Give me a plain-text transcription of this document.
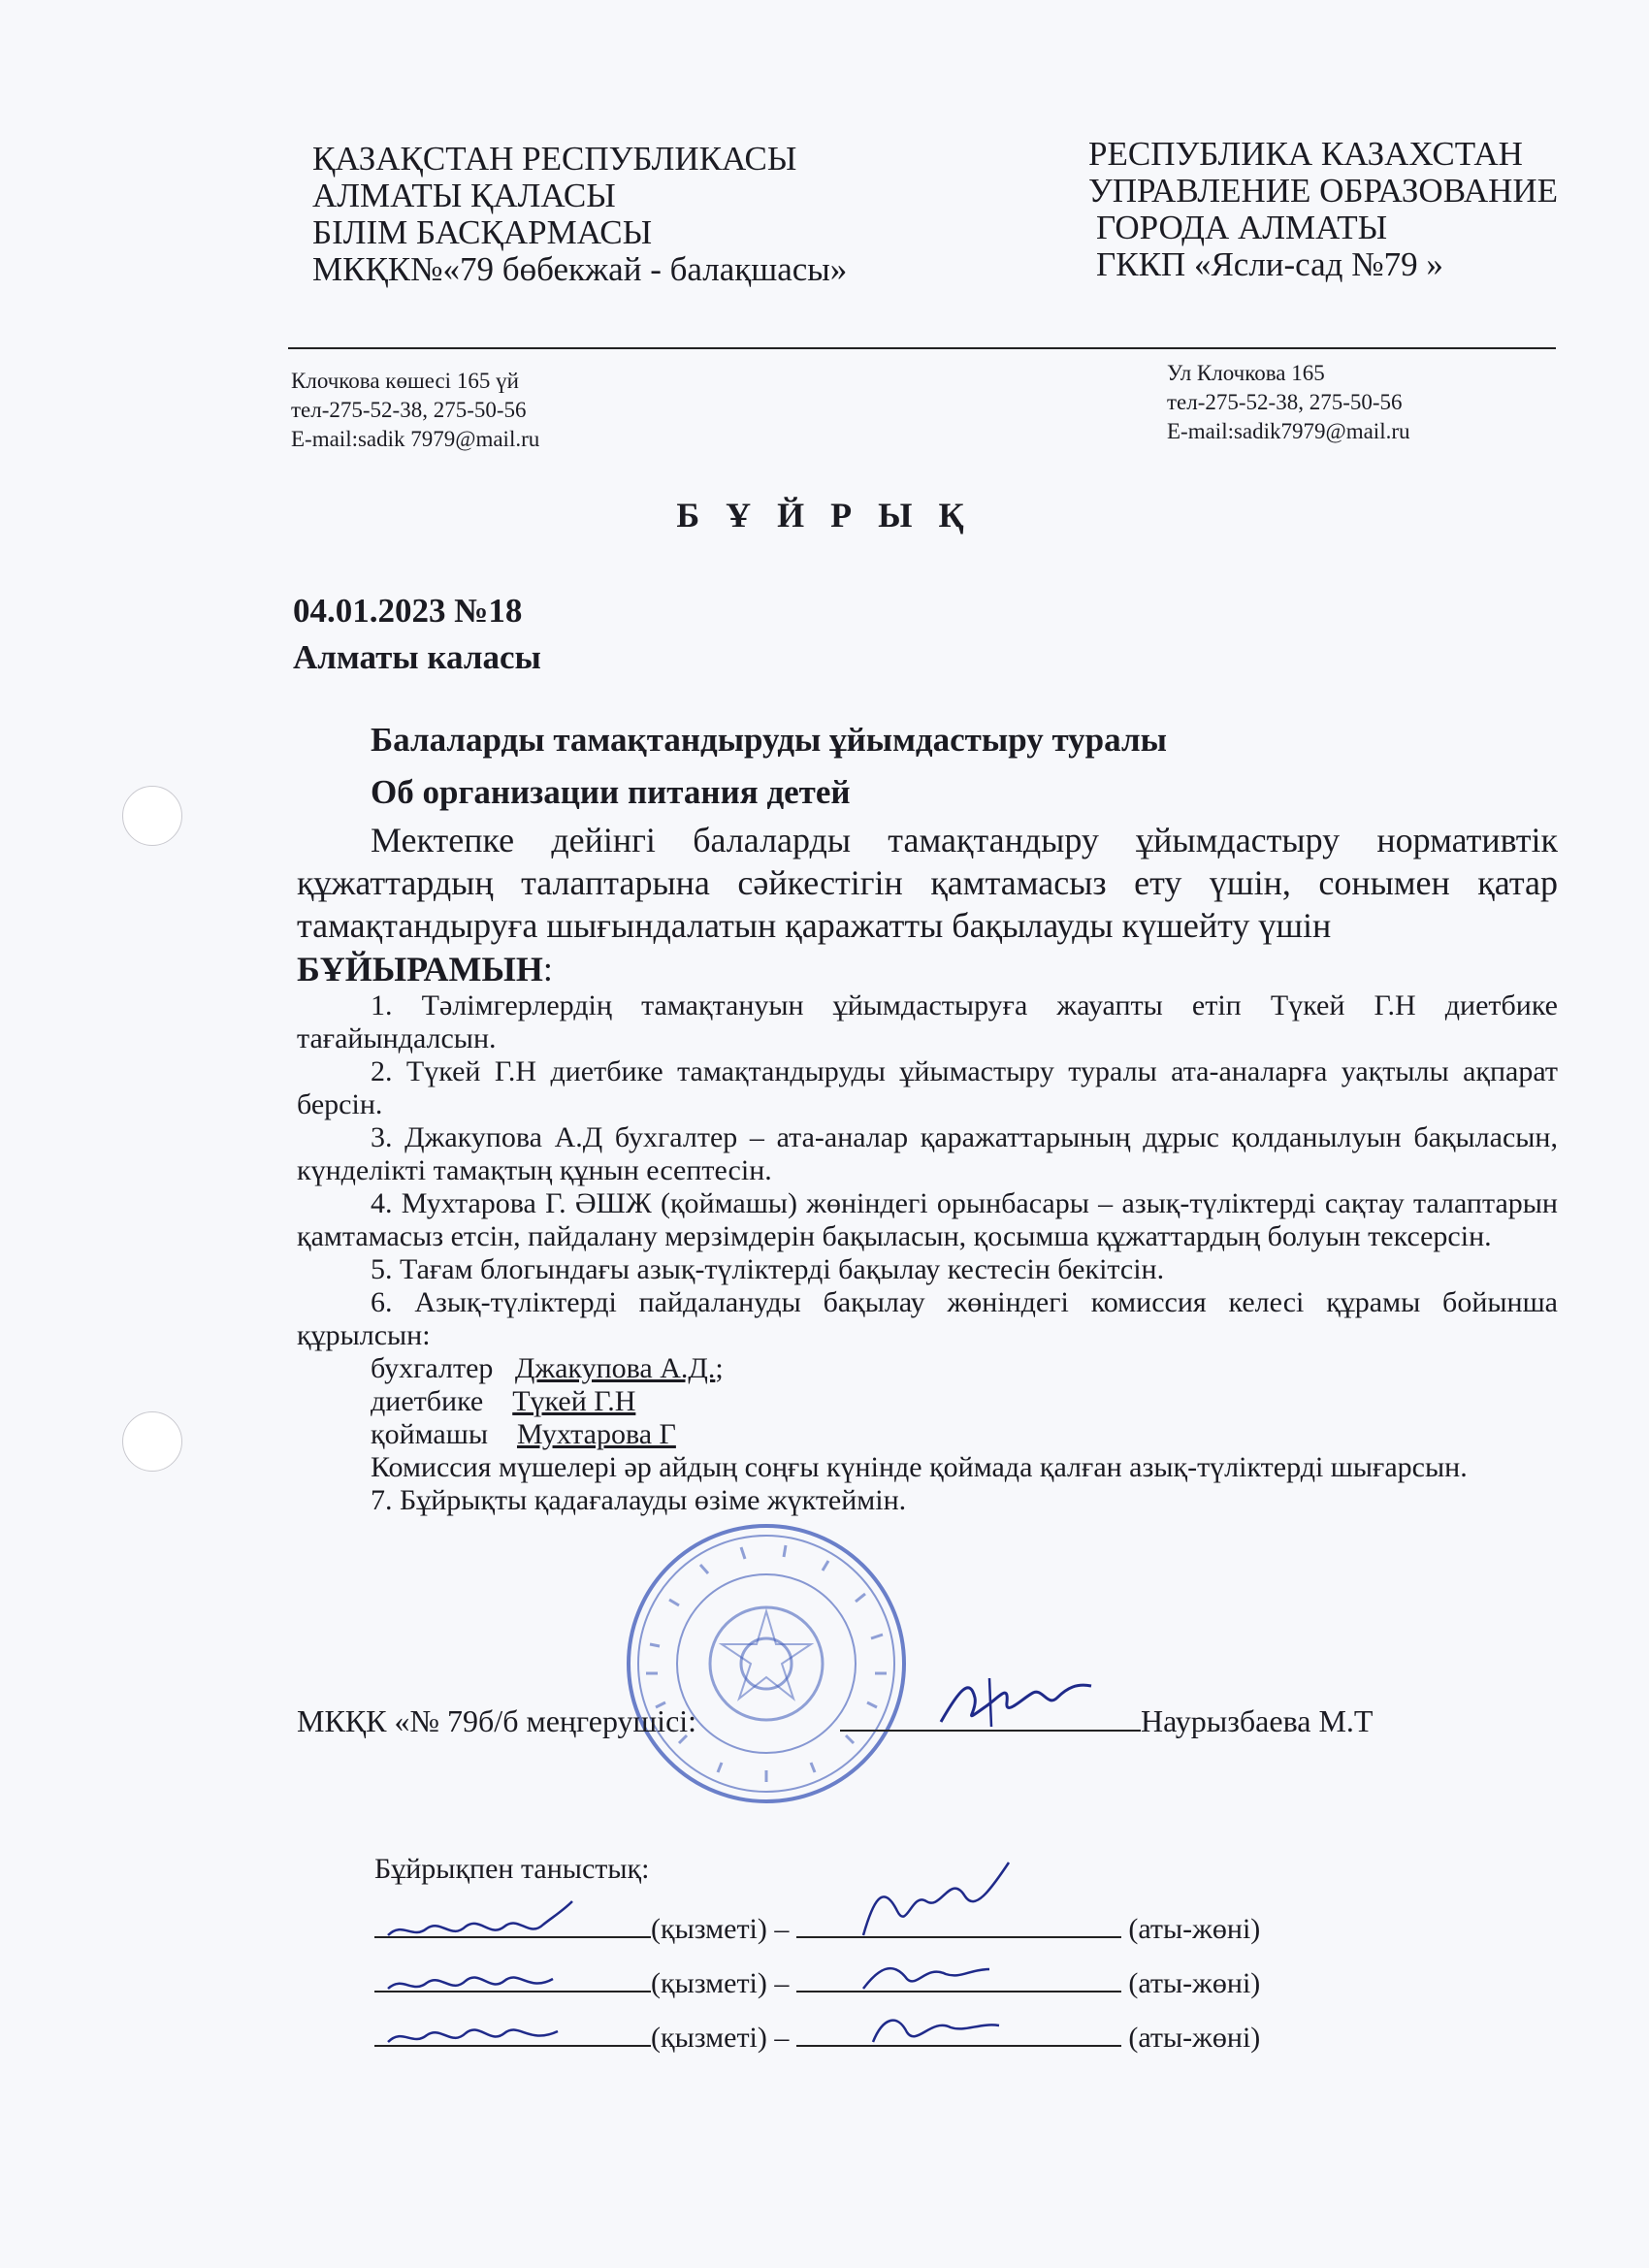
ҚАЗАҚСТАН РЕСПУБЛИКАСЫ
АЛМАТЫ ҚАЛАСЫ
БІЛІМ БАСҚАРМАСЫ
МКҚК№«79 бөбекжай - балақшасы»
РЕСПУБЛИКА КАЗАХСТАН
УПРАВЛЕНИЕ ОБРАЗОВАНИЕ
ГОРОДА АЛМАТЫ
ГККП «Ясли-сад №79 »
Клочкова көшесі 165 үй
тел-275-52-38, 275-50-56
E-mail:sadik 7979@mail.ru
Ул Клочкова 165
тел-275-52-38, 275-50-56
E-mail:sadik7979@mail.ru
Б Ұ Й Р Ы Қ
04.01.2023 №18
Алматы каласы
Балаларды тамақтандыруды ұйымдастыру туралы
Об организации питания детей
Мектепке дейінгі балаларды тамақтандыру ұйымдастыру нормативтік құжаттардың талаптарына сәйкестігін қамтамасыз ету үшін, сонымен қатар тамақтандыруға шығындалатын қаражатты бақылауды күшейту үшін
БҰЙЫРАМЫН:
1. Тәлімгерлердің тамақтануын ұйымдастыруға жауапты етіп Түкей Г.Н диетбике тағайындалсын.
2. Түкей Г.Н диетбике тамақтандыруды ұйымастыру туралы ата-аналарға уақтылы ақпарат берсін.
3. Джакупова А.Д бухгалтер – ата-аналар қаражаттарының дұрыс қолданылуын бақыласын, күнделікті тамақтың құнын есептесін.
4. Мухтарова Г. ӘШЖ (қоймашы) жөніндегі орынбасары – азық-түліктерді сақтау талаптарын қамтамасыз етсін, пайдалану мерзімдерін бақыласын, қосымша құжаттардың болуын тексерсін.
5. Тағам блогындағы азық-түліктерді бақылау кестесін бекітсін.
6. Азық-түліктерді пайдалануды бақылау жөніндегі комиссия келесі құрамы бойынша құрылсын:
бухгалтер Джакупова А.Д.;
диетбике Түкей Г.Н
қоймашы Мухтарова Г
Комиссия мүшелері әр айдың соңғы күнінде қоймада қалған азық-түліктерді шығарсын.
7. Бұйрықты қадағалауды өзіме жүктеймін.
МКҚК «№ 79б/б меңгерушісі:	Наурызбаева М.Т
Бұйрықпен таныстық:
(қызметі) –	(аты-жөні)
(қызметі) –	(аты-жөні)
(қызметі) –	(аты-жөні)
